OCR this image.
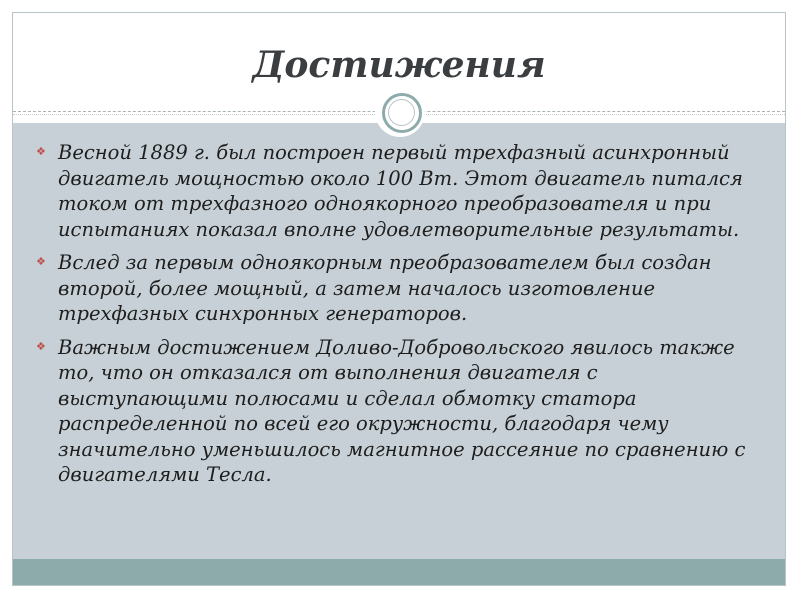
Достижения
❖ Весной 1889 г. был построен первый трехфазный асинхронный двигатель мощностью около 100 Вт. Этот двигатель питался током от трехфазного одноякорного преобразователя и при испытаниях показал вполне удовлетворительные результаты.
❖ Вслед за первым одноякорным преобразователем был создан второй, более мощный, а затем началось изготовление трехфазных синхронных генераторов.
❖ Важным достижением Доливо-Добровольского явилось также то, что он отказался от выполнения двигателя с выступающими полюсами и сделал обмотку статора распределенной по всей его окружности, благодаря чему значительно уменьшилось магнитное рассеяние по сравнению с двигателями Тесла.
